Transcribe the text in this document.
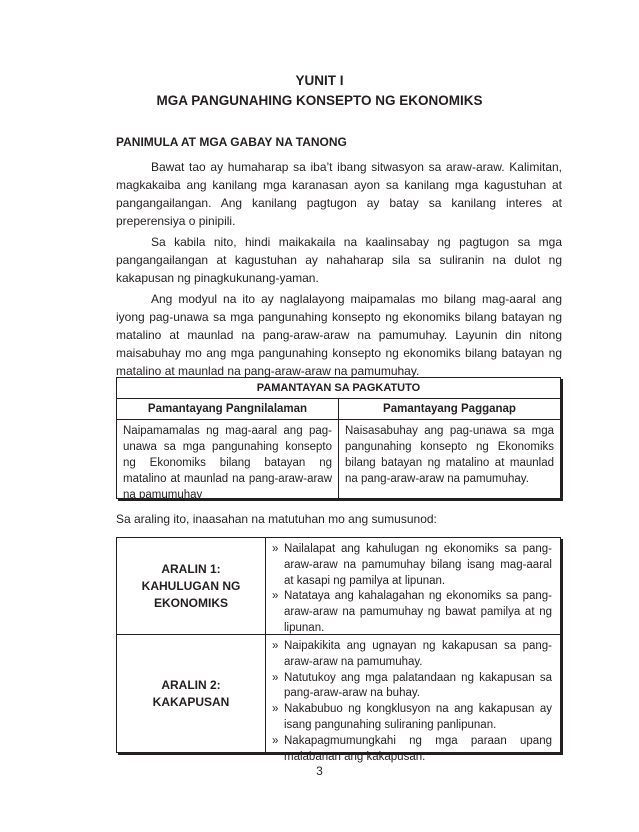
YUNIT I
MGA PANGUNAHING KONSEPTO NG EKONOMIKS
PANIMULA AT MGA GABAY NA TANONG

Bawat tao ay humaharap sa iba’t ibang sitwasyon sa araw-araw. Kalimitan, magkakaiba ang kanilang mga karanasan ayon sa kanilang mga kagustuhan at pangangailangan. Ang kanilang pagtugon ay batay sa kanilang interes at preperensiya o pinipili.

Sa kabila nito, hindi maikakaila na kaalinsabay ng pagtugon sa mga pangangailangan at kagustuhan ay nahaharap sila sa suliranin na dulot ng kakapusan ng pinagkukunang-yaman.

Ang modyul na ito ay naglalayong maipamalas mo bilang mag-aaral ang iyong pag-unawa sa mga pangunahing konsepto ng ekonomiks bilang batayan ng matalino at maunlad na pang-araw-araw na pamumuhay. Layunin din nitong maisabuhay mo ang mga pangunahing konsepto ng ekonomiks bilang batayan ng matalino at maunlad na pang-araw-araw na pamumuhay.

PAMANTAYAN SA PAGKATUTO
Pamantayang Pangnilalaman	Pamantayang Pagganap
Naipamamalas ng mag-aaral ang pag-unawa sa mga pangunahing konsepto ng Ekonomiks bilang batayan ng matalino at maunlad na pang-araw-araw na pamumuhay
Naisasabuhay ang pag-unawa sa mga pangunahing konsepto ng Ekonomiks bilang batayan ng matalino at maunlad na pang-araw-araw na pamumuhay.
Sa araling ito, inaasahan na matutuhan mo ang sumusunod:
ARALIN 1: KAHULUGAN NG EKONOMIKS
» Nailalapat ang kahulugan ng ekonomiks sa pang-araw-araw na pamumuhay bilang isang mag-aaral at kasapi ng pamilya at lipunan.
» Natataya ang kahalagahan ng ekonomiks sa pang-araw-araw na pamumuhay ng bawat pamilya at ng lipunan.
ARALIN 2: KAKAPUSAN
» Naipakikita ang ugnayan ng kakapusan sa pang-araw-araw na pamumuhay.
» Natutukoy ang mga palatandaan ng kakapusan sa pang-araw-araw na buhay.
» Nakabubuo ng kongklusyon na ang kakapusan ay isang pangunahing suliraning panlipunan.
» Nakapagmumungkahi ng mga paraan upang malabanan ang kakapusan.
3
